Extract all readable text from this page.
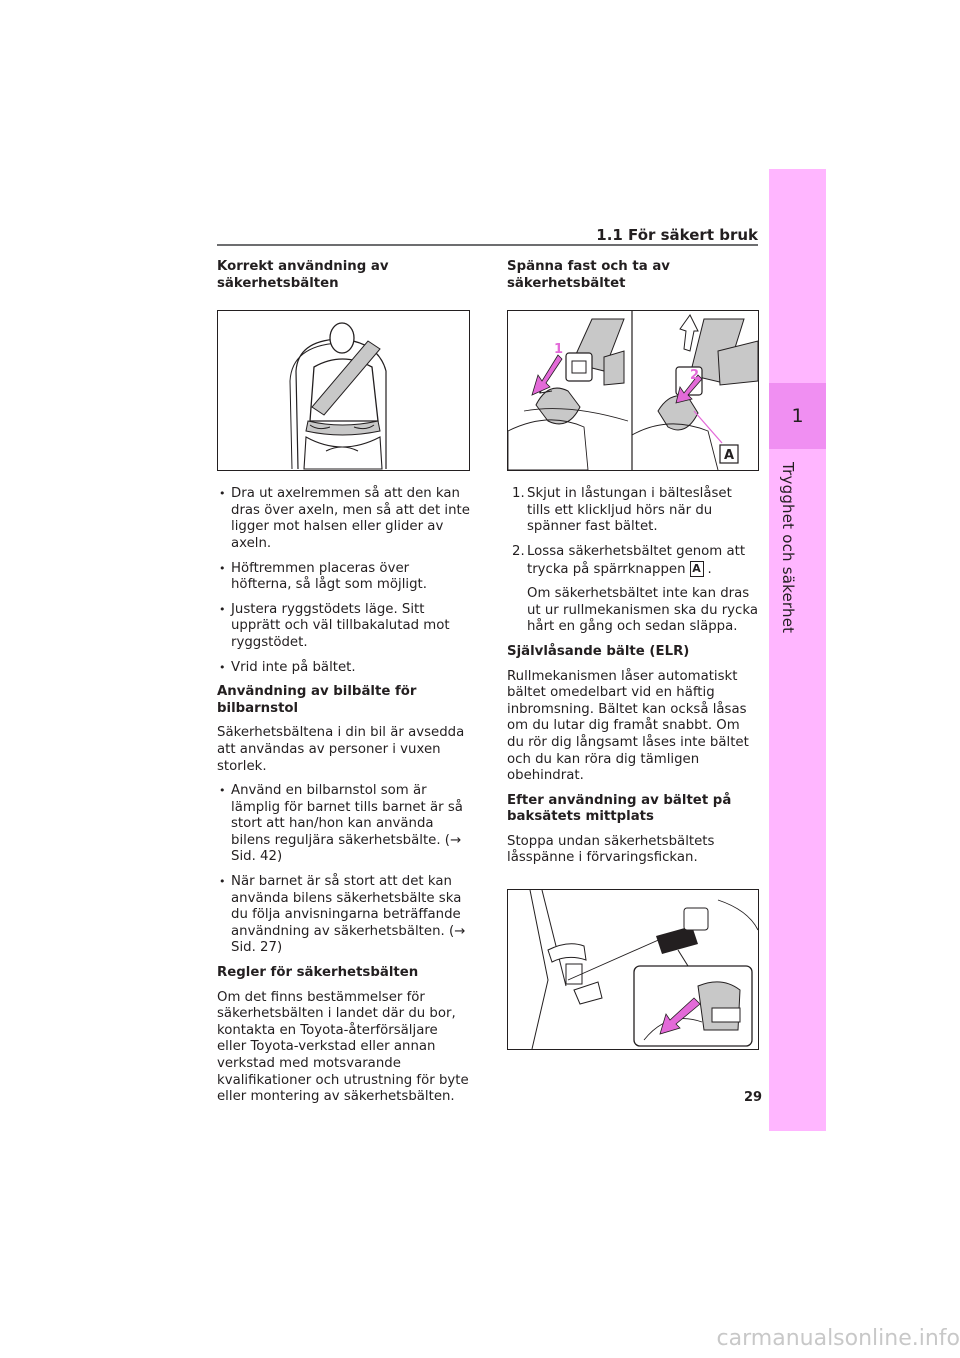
1
Trygghet och säkerhet
1.1 För säkert bruk
Korrekt användning av säkerhetsbälten
• Dra ut axelremmen så att den kan dras över axeln, men så att det inte ligger mot halsen eller glider av axeln.
• Höftremmen placeras över höfterna, så lågt som möjligt.
• Justera ryggstödets läge. Sitt upprätt och väl tillbakalutad mot ryggstödet.
• Vrid inte på bältet.
Användning av bilbälte för bilbarnstol

Säkerhetsbältena i din bil är avsedda att användas av personer i vuxen storlek.

• Använd en bilbarnstol som är lämplig för barnet tills barnet är så stort att han/hon kan använda bilens reguljära säkerhetsbälte. (→ Sid. 42)
• När barnet är så stort att det kan använda bilens säkerhetsbälte ska du följa anvisningarna beträffande användning av säkerhetsbälten. (→ Sid. 27)
Regler för säkerhetsbälten

Om det finns bestämmelser för säkerhetsbälten i landet där du bor, kontakta en Toyota-återförsäljare eller Toyota-verkstad eller annan verkstad med motsvarande kvalifikationer och utrustning för byte eller montering av säkerhetsbälten.

Spänna fast och ta av säkerhetsbältet
1
2
A
1. Skjut in låstungan i bälteslåset tills ett klickljud hörs när du spänner fast bältet.
2. Lossa säkerhetsbältet genom att trycka på spärrknappen A .
Om säkerhetsbältet inte kan dras ut ur rullmekanismen ska du rycka hårt en gång och sedan släppa.
Självlåsande bälte (ELR)

Rullmekanismen låser automatiskt bältet omedelbart vid en häftig inbromsning. Bältet kan också låsas om du lutar dig framåt snabbt. Om du rör dig långsamt låses inte bältet och du kan röra dig tämligen obehindrat.

Efter användning av bältet på baksätets mittplats

Stoppa undan säkerhetsbältets låsspänne i förvaringsfickan.

29
carmanualsonline.info
